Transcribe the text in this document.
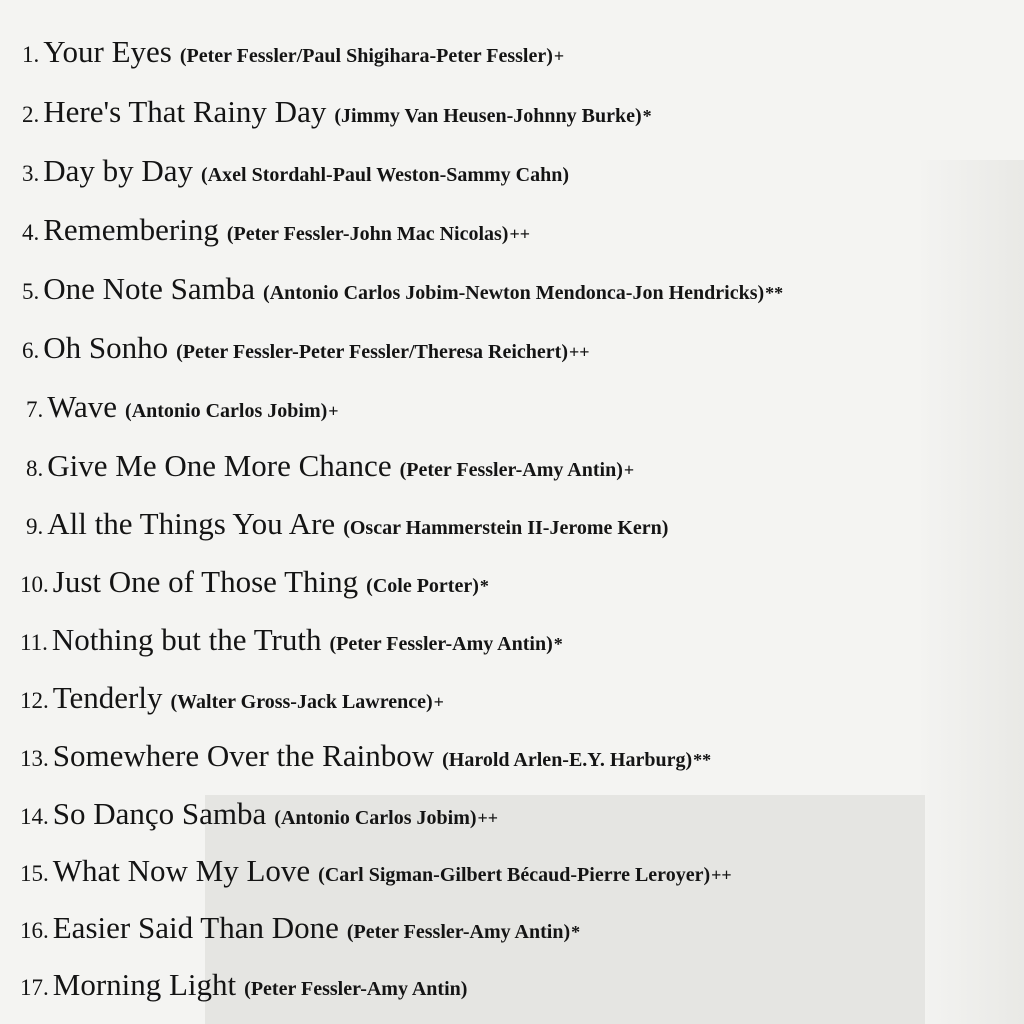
1. Your Eyes (Peter Fessler/Paul Shigihara-Peter Fessler)+
2. Here's That Rainy Day (Jimmy Van Heusen-Johnny Burke)*
3. Day by Day (Axel Stordahl-Paul Weston-Sammy Cahn)
4. Remembering (Peter Fessler-John Mac Nicolas)++
5. One Note Samba (Antonio Carlos Jobim-Newton Mendonca-Jon Hendricks)**
6. Oh Sonho (Peter Fessler-Peter Fessler/Theresa Reichert)++
7. Wave (Antonio Carlos Jobim)+
8. Give Me One More Chance (Peter Fessler-Amy Antin)+
9. All the Things You Are (Oscar Hammerstein II-Jerome Kern)
10. Just One of Those Thing (Cole Porter)*
11. Nothing but the Truth (Peter Fessler-Amy Antin)*
12. Tenderly (Walter Gross-Jack Lawrence)+
13. Somewhere Over the Rainbow (Harold Arlen-E.Y. Harburg)**
14. So Danço Samba (Antonio Carlos Jobim)++
15. What Now My Love (Carl Sigman-Gilbert Bécaud-Pierre Leroyer)++
16. Easier Said Than Done (Peter Fessler-Amy Antin)*
17. Morning Light (Peter Fessler-Amy Antin)
